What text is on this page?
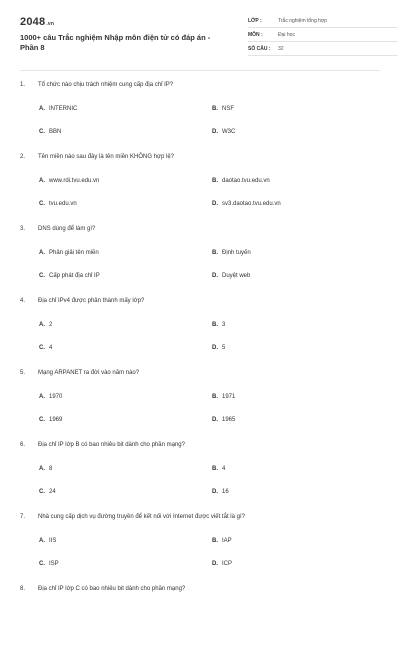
2048.vn
1000+ câu Trắc nghiệm Nhập môn điện tử có đáp án - Phần 8
LỚP :	Trắc nghiệm tổng hợp
MÔN :	Đại học
SỐ CÂU :	32
1. Tổ chức nào chịu trách nhiệm cung cấp địa chỉ IP?
A. INTERNIC	B. NSF
C. BBN	D. W3C
2. Tên miền nào sau đây là tên miền KHÔNG hợp lệ?
A. www.rdi.tvu.edu.vn	B. daotao.tvu.edu.vn
C. tvu.edu.vn	D. sv3.daotao.tvu.edu.vn
3. DNS dùng để làm gì?
A. Phân giải tên miền	B. Định tuyến
C. Cấp phát địa chỉ IP	D. Duyệt web
4. Địa chỉ IPv4 được phân thành mấy lớp?
A. 2	B. 3
C. 4	D. 5
5. Mạng ARPANET ra đời vào năm nào?
A. 1970	B. 1971
C. 1969	D. 1965
6. Địa chỉ IP lớp B có bao nhiêu bit dành cho phần mạng?
A. 8	B. 4
C. 24	D. 16
7. Nhà cung cấp dịch vụ đường truyền để kết nối với Internet được viết tắt là gì?
A. IIS	B. IAP
C. ISP	D. ICP
8. Địa chỉ IP lớp C có bao nhiêu bit dành cho phần mạng?
